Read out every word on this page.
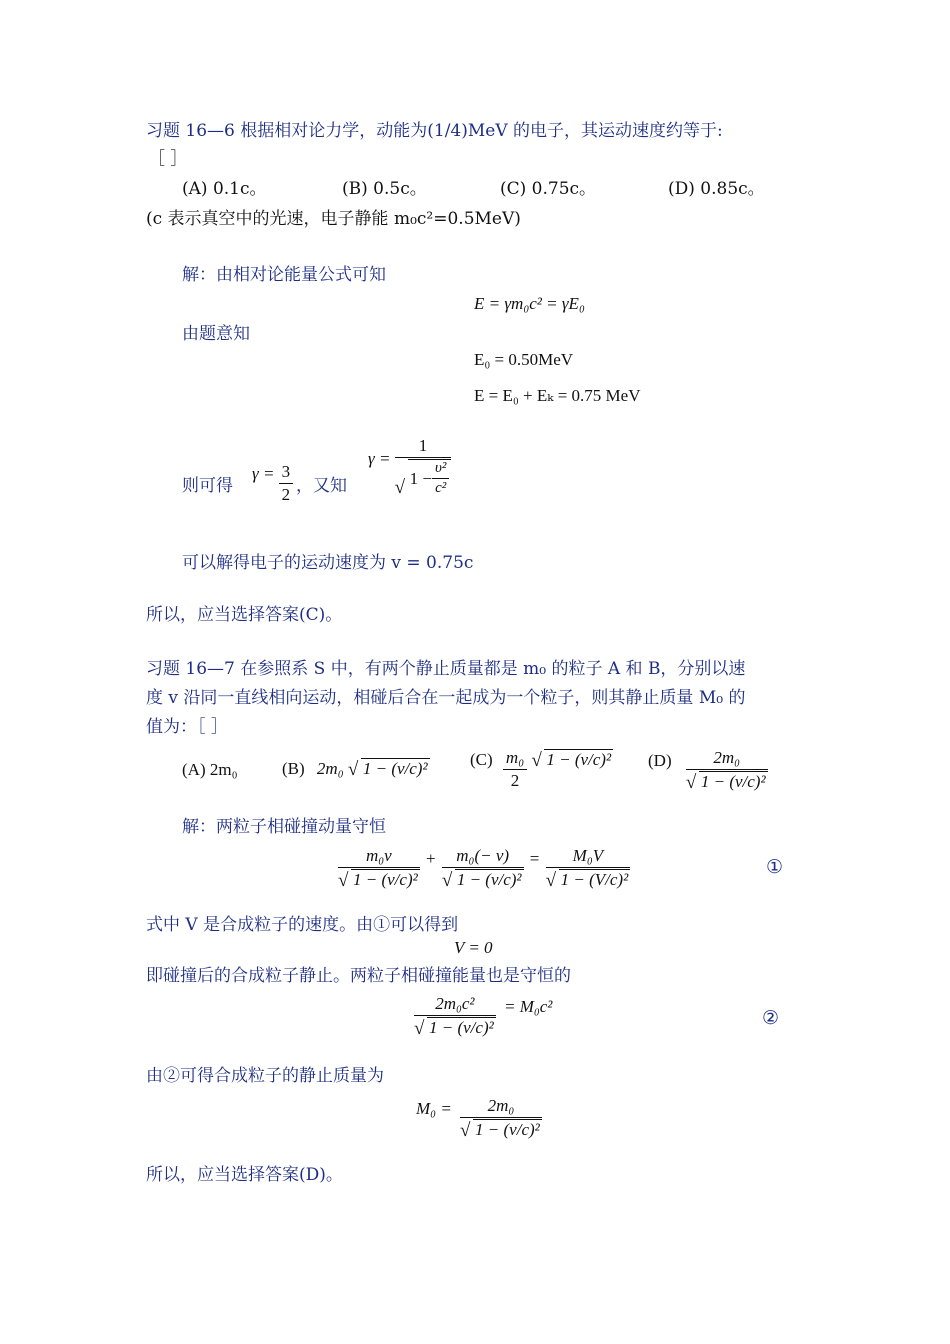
习题 16—6 根据相对论力学，动能为(1/4)MeV 的电子，其运动速度约等于:
［ ］
(A) 0.1c。	(B) 0.5c。	(C) 0.75c。	(D) 0.85c。
(c 表示真空中的光速，电子静能 m₀c²=0.5MeV)
解：由相对论能量公式可知
E = γm₀c² = γE₀
由题意知
E₀ = 0.50MeV
E = E₀ + Eₖ = 0.75 MeV
γ =
1
√ $1 - \frac{\text{υ²}}{\text{c²}}$
则可得
$\gamma = \frac{3}{2}$ ，又知
可以解得电子的运动速度为 v = 0.75c
所以，应当选择答案(C)。
习题 16—7 在参照系 S 中，有两个静止质量都是 m₀ 的粒子 A 和 B，分别以速
度 v 沿同一直线相向运动，相碰后合在一起成为一个粒子，则其静止质量 M₀ 的
值为：［ ］
(A) 2m₀	(B) 2m₀ √ 1 − (v/c)² $(C) \frac{\text{m₀}}{2}$
√ 1 − (v/c)² $(D) \frac{\text{2m₀}}{\text{√ 1 − (v/c)²}}$
解：两粒子相碰撞动量守恒
$\frac{\text{m₀v}}{\text{√ 1 − (v/c)²}} + \frac{\text{m₀(− v)}}{\text{√ 1 − (v/c)²}} = \frac{\text{M₀V}}{\text{√ 1 − (V/c)²}}$	①
式中 V 是合成粒子的速度。由①可以得到
V = 0
即碰撞后的合成粒子静止。两粒子相碰撞能量也是守恒的
$\frac{\text{2m₀c²}}{\text{√ 1 − (v/c)²}} = M_0c^2$
②
由②可得合成粒子的静止质量为
$M_0 = \frac{\text{2m₀}}{\text{√ 1 − (v/c)²}}$
所以，应当选择答案(D)。
